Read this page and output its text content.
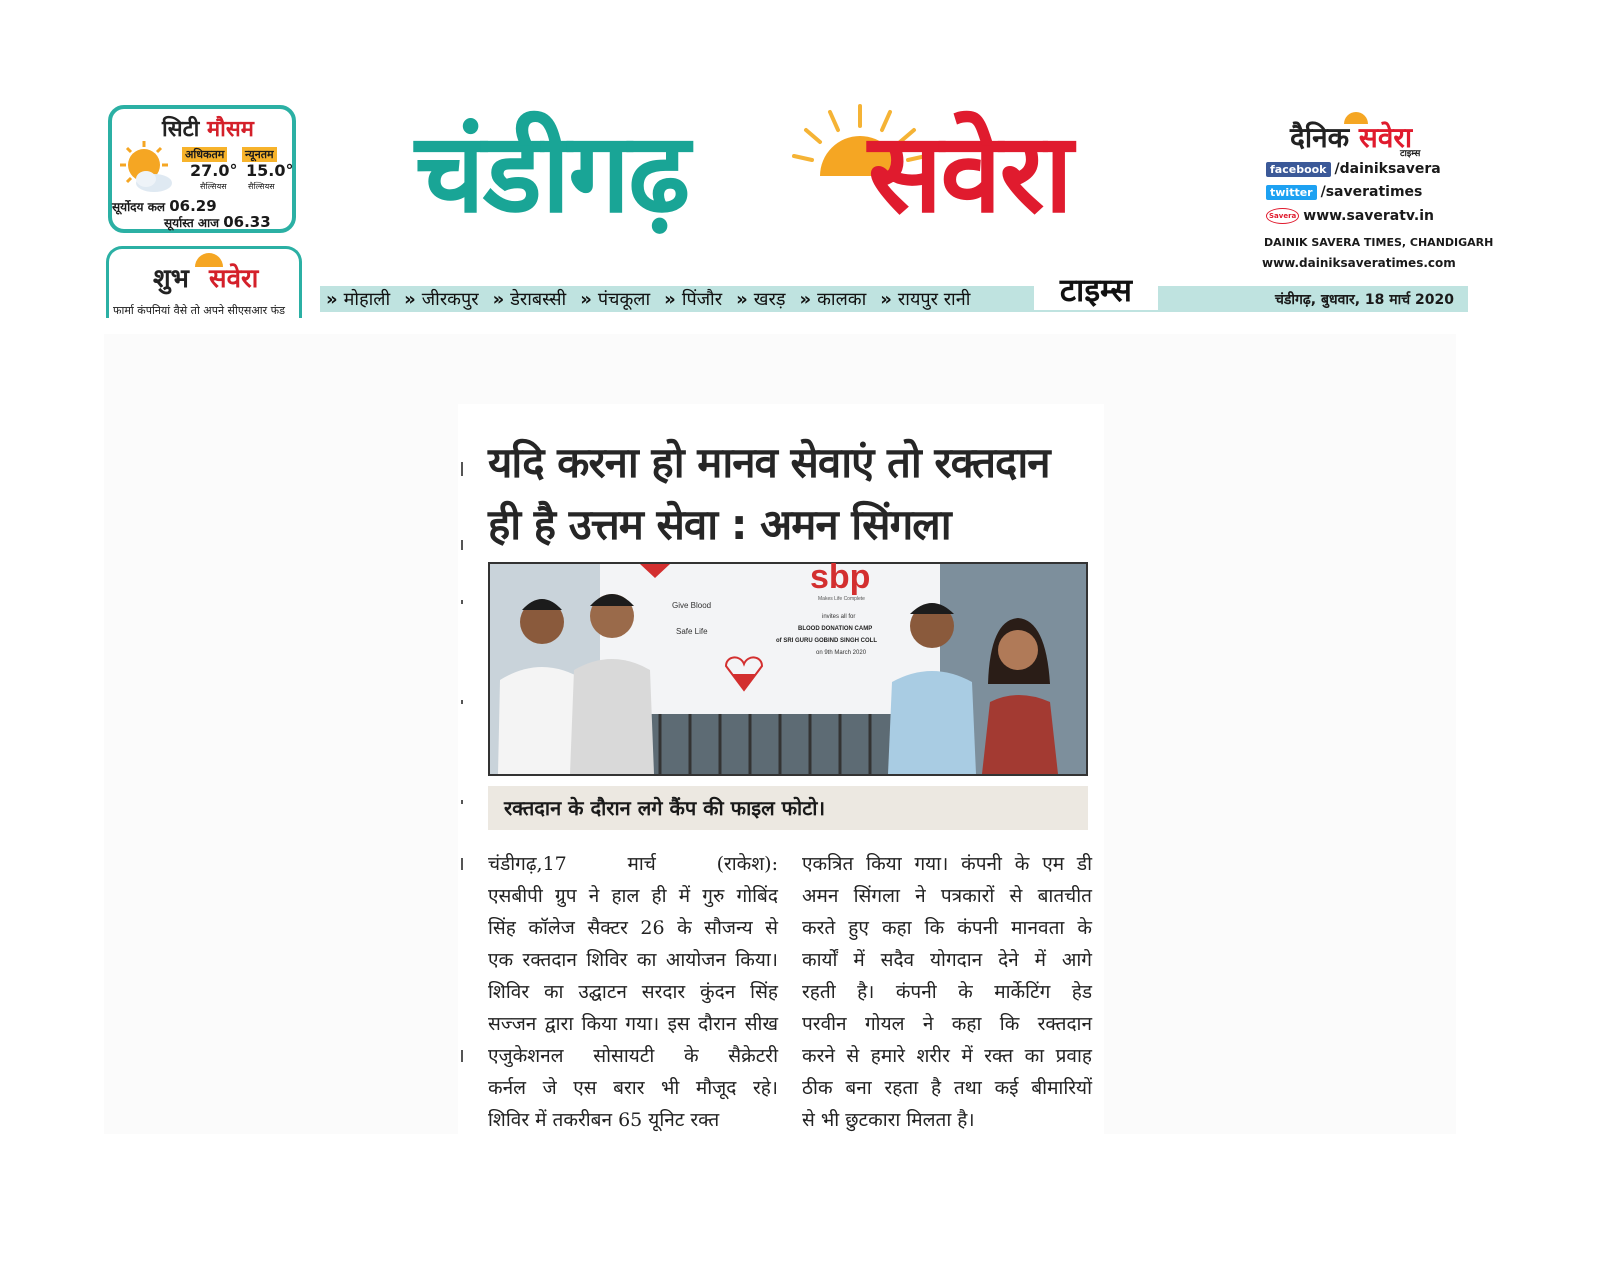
सिटी मौसम
अधिकतम न्यूनतम
27.0° 15.0°
सैल्सियस	सैल्सियस
सूर्योदय कल 06.29
सूर्यास्त आज 06.33
शुभ सवेरा
फार्मा कंपनियां वैसे तो अपने सीएसआर फंड
चंडीगढ़ सवेरा
» मोहाली » जीरकपुर » डेराबस्सी » पंचकूला » पिंजौर » खरड़ » कालका » रायपुर रानी	चंडीगढ़, बुधवार, 18 मार्च 2020
टाइम्स
दैनिक सवेरा
टाइम्स
facebook /dainiksavera
twitter /saveratimes
Savera www.saveratv.in
DAINIK SAVERA TIMES, CHANDIGARH
www.dainiksaveratimes.com
यदि करना हो मानव सेवाएं तो रक्तदान
ही है उत्तम सेवा : अमन सिंगला
sbp
Makes Life Complete
Give Blood
Safe Life
invites all for
BLOOD DONATION CAMP
of SRI GURU GOBIND SINGH COLL
on 9th March 2020
रक्तदान के दौरान लगे कैंप की फाइल फोटो।
चंडीगढ़,17 मार्च (राकेश):
एसबीपी ग्रुप ने हाल ही में गुरु गोबिंद
सिंह कॉलेज सैक्टर 26 के सौजन्य से
एक रक्तदान शिविर का आयोजन किया।
शिविर का उद्घाटन सरदार कुंदन सिंह
सज्जन द्वारा किया गया। इस दौरान सीख
एजुकेशनल सोसायटी के सैक्रेटरी
कर्नल जे एस बरार भी मौजूद रहे।
शिविर में तकरीबन 65 यूनिट रक्त
एकत्रित किया गया। कंपनी के एम डी
अमन सिंगला ने पत्रकारों से बातचीत
करते हुए कहा कि कंपनी मानवता के
कार्यों में सदैव योगदान देने में आगे
रहती है। कंपनी के मार्केटिंग हेड
परवीन गोयल ने कहा कि रक्तदान
करने से हमारे शरीर में रक्त का प्रवाह
ठीक बना रहता है तथा कई बीमारियों
से भी छुटकारा मिलता है।
